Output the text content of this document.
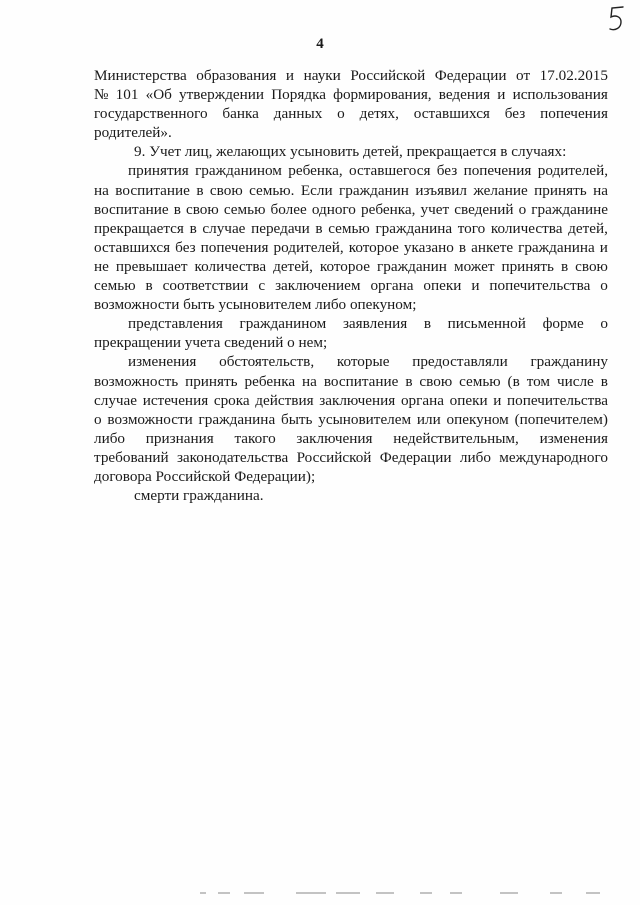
4
Министерства образования и науки Российской Федерации от 17.02.2015
№ 101 «Об утверждении Порядка формирования, ведения и использования
государственного банка данных о детях, оставшихся без попечения
родителей».
9. Учет лиц, желающих усыновить детей, прекращается в случаях:
принятия гражданином ребенка, оставшегося без попечения родителей,
на воспитание в свою семью. Если гражданин изъявил желание принять на
воспитание в свою семью более одного ребенка, учет сведений о гражданине
прекращается в случае передачи в семью гражданина того количества детей,
оставшихся без попечения родителей, которое указано в анкете гражданина и
не превышает количества детей, которое гражданин может принять в свою
семью в соответствии с заключением органа опеки и попечительства о
возможности быть усыновителем либо опекуном;
представления гражданином заявления в письменной форме о
прекращении учета сведений о нем;
изменения обстоятельств, которые предоставляли гражданину
возможность принять ребенка на воспитание в свою семью (в том числе в
случае истечения срока действия заключения органа опеки и попечительства
о возможности гражданина быть усыновителем или опекуном (попечителем)
либо признания такого заключения недействительным, изменения
требований законодательства Российской Федерации либо международного
договора Российской Федерации);
смерти гражданина.
